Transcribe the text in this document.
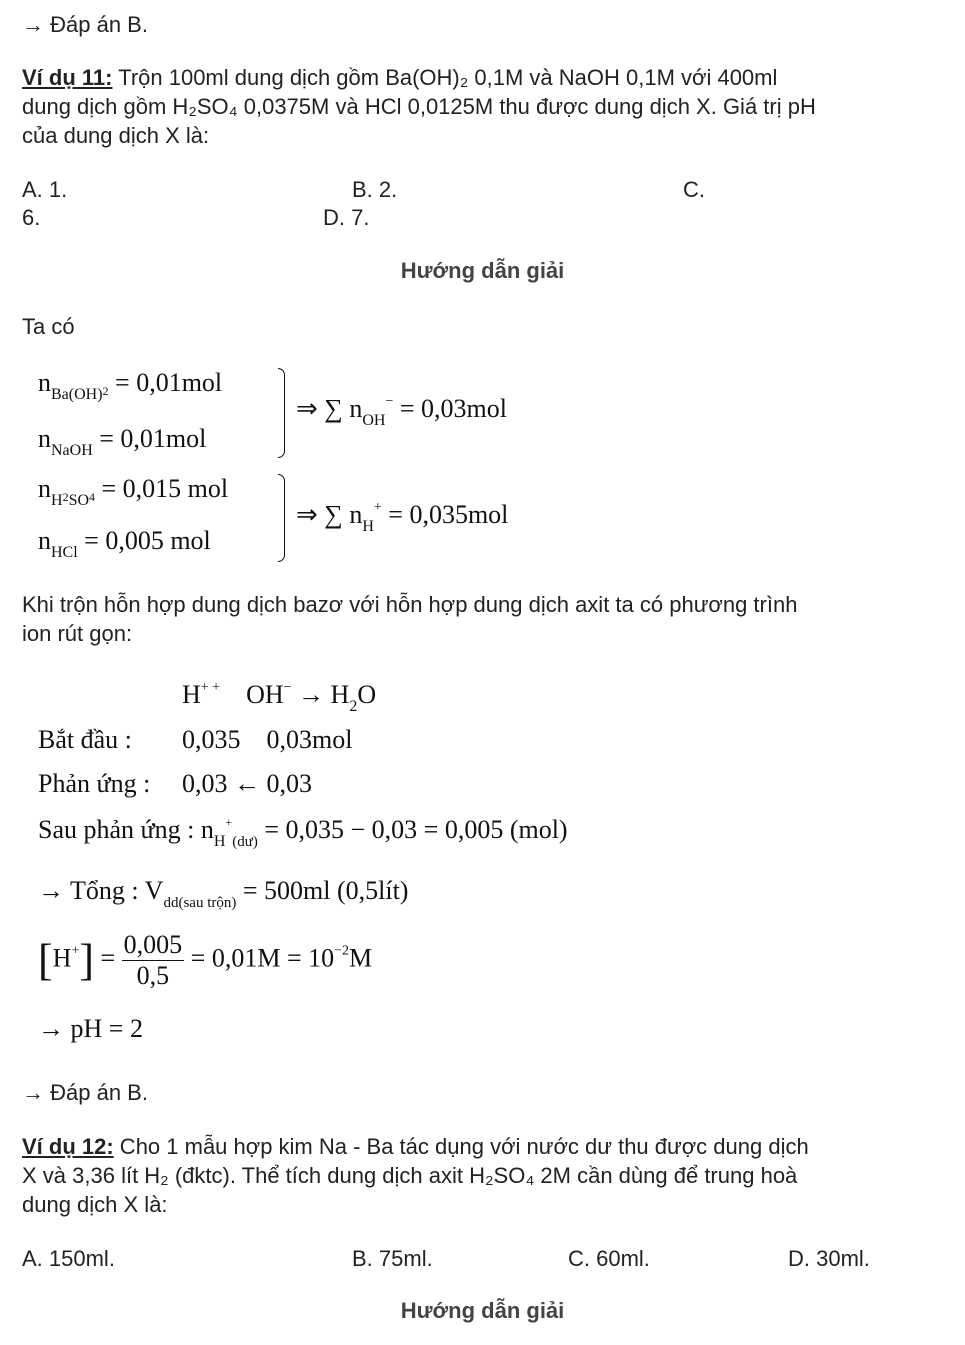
→ Đáp án B.
Ví dụ 11: Trộn 100ml dung dịch gồm Ba(OH)₂ 0,1M và NaOH 0,1M với 400ml
dung dịch gồm H₂SO₄ 0,0375M và HCl 0,0125M thu được dung dịch X. Giá trị pH
của dung dịch X là:
A. 1.	B. 2.	C.
6.	D. 7.
Hướng dẫn giải
Ta có
$n_{Ba(OH)}2 = 0,01mol$
$n_{NaOH} = 0,01mol$
⇒ ∑ $n_{OH}^- = 0,03mol$
$n_H2_{SO}4 = 0,015$ mol
$n_{HCl} = 0,005$ mol
⇒ ∑ $n_H^+ = 0,035mol$
Khi trộn hỗn hợp dung dịch bazơ với hỗn hợp dung dịch axit ta có phương trình
ion rút gọn:
H+ + $OH^- \to H_2O$
Bắt đầu : 0,035    0,03mol
Phản ứng : 0,03 ← 0,03
Sau phản ứng : $n_H^+_{(dư)} = 0,035 - 0,03 = 0,005$ (mol)
→ Tổng : $V_{dd(sau trộn)} = 500ml$ (0,5lít)
$[H^+] = \frac{0,005}{0,5} = 0,01M = 10^{-2}M$
→ pH = 2
→ Đáp án B.
Ví dụ 12: Cho 1 mẫu hợp kim Na - Ba tác dụng với nước dư thu được dung dịch
X và 3,36 lít H₂ (đktc). Thể tích dung dịch axit H₂SO₄ 2M cần dùng để trung hoà
dung dịch X là:
A. 150ml.	B. 75ml.	C. 60ml.	D. 30ml.
Hướng dẫn giải
